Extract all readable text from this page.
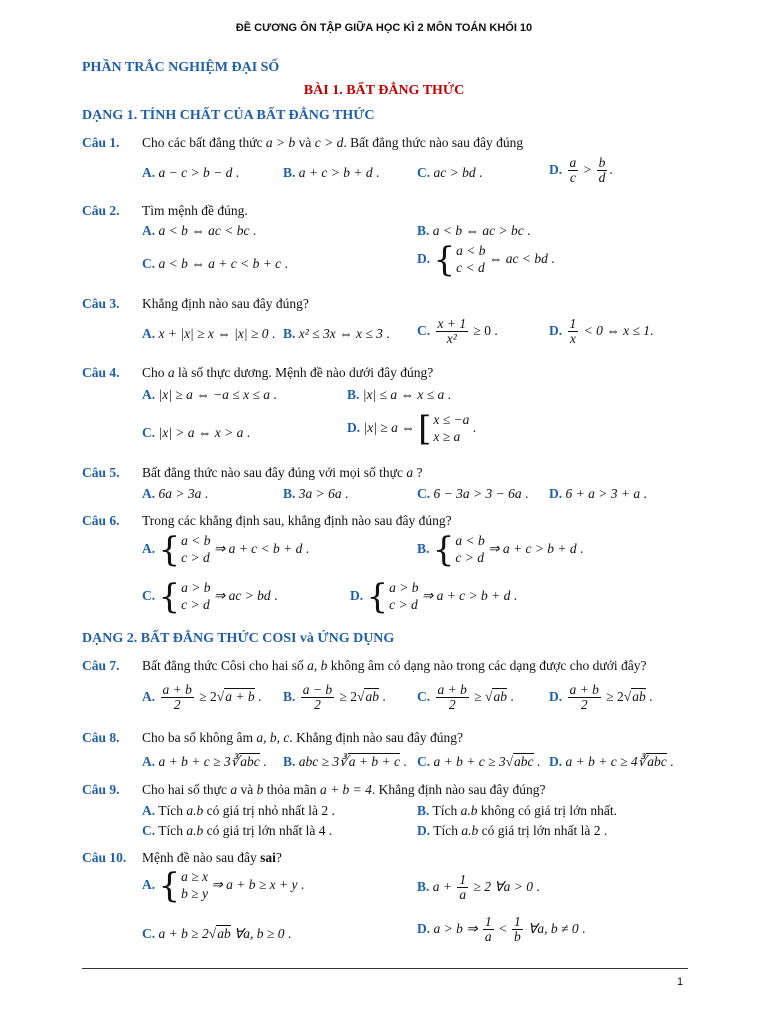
ĐỀ CƯƠNG ÔN TẬP GIỮA HỌC KÌ 2 MÔN TOÁN KHỐI 10
PHẦN TRẮC NGHIỆM ĐẠI SỐ
BÀI 1. BẤT ĐẲNG THỨC
DẠNG 1. TÍNH CHẤT CỦA BẤT ĐẲNG THỨC
Câu 1. Cho các bất đẳng thức a > b và c > d. Bất đẳng thức nào sau đây đúng
A. a − c > b − d .	B. a + c > b + d .	C. ac > bd .	D. $\frac{a}{c} > \frac{b}{d}$ .
Câu 2. Tìm mệnh đề đúng.
A. a < b ⇔ ac < bc .	B. a < b ⇔ ac > bc .
C. a < b ⇔ a + c < b + c .	D. { a < b
c < d
⇔ ac < bd .
Câu 3. Khẳng định nào sau đây đúng?
A. x + |x| ≥ x ⇔ |x| ≥ 0 . B. x² ≤ 3x ⇔ x ≤ 3 . C. $\frac{x + 1}{\text{x²}} \ge 0$ .	D. $\frac{1}{x} < 0$ ⇔ x ≤ 1.
Câu 4. Cho a là số thực dương. Mệnh đề nào dưới đây đúng?
A. |x| ≥ a ⇔ −a ≤ x ≤ a .	B. |x| ≤ a ⇔ x ≤ a .
C. |x| > a ⇔ x > a .	D. |x| ≥ a ⇔ [ x ≤ −a
x ≥ a
.
Câu 5. Bất đẳng thức nào sau đây đúng với mọi số thực a ?
A. 6a > 3a .	B. 3a > 6a .	C. 6 − 3a > 3 − 6a . D. 6 + a > 3 + a .
Câu 6. Trong các khẳng định sau, khẳng định nào sau đây đúng?
A. { a < b
c > d
⇒ a + c < b + d .	B. { a < b
c > d
⇒ a + c > b + d .
C. { a > b
c > d
⇒ ac > bd .	D. { a > b
c > d
⇒ a + c > b + d .
DẠNG 2. BẤT ĐẲNG THỨC COSI và ỨNG DỤNG
Câu 7. Bất đẳng thức Côsi cho hai số a, b không âm có dạng nào trong các dạng được cho dưới đây?
A. $\frac{a + b}{2} \ge 2√a + b$ . B. $\frac{a - b}{2} \ge 2√ab$ . C. $\frac{a + b}{2} \ge √ab$ .	D. $\frac{a + b}{2} \ge 2√ab$ .
Câu 8. Cho ba số không âm a, b, c. Khẳng định nào sau đây đúng?
A. a + b + c ≥ 3∛abc . B. abc ≥ 3∛a + b + c . C. a + b + c ≥ 3√abc . D. a + b + c ≥ 4∛abc .
Câu 9. Cho hai số thực a và b thỏa mãn a + b = 4. Khẳng định nào sau đây đúng?
A. Tích a.b có giá trị nhỏ nhất là 2 .	B. Tích a.b không có giá trị lớn nhất.
C. Tích a.b có giá trị lớn nhất là 4 .	D. Tích a.b có giá trị lớn nhất là 2 .
Câu 10. Mệnh đề nào sau đây sai?
A. { a ≥ x
b ≥ y
⇒ a + b ≥ x + y .	B. $a + \frac{1}{a} \ge 2$ ∀a > 0 .
C. a + b ≥ 2√ab ∀a, b ≥ 0 .	D. a > b ⇒ $\frac{1}{a} < \frac{1}{b}$ ∀a, b ≠ 0 .
1
